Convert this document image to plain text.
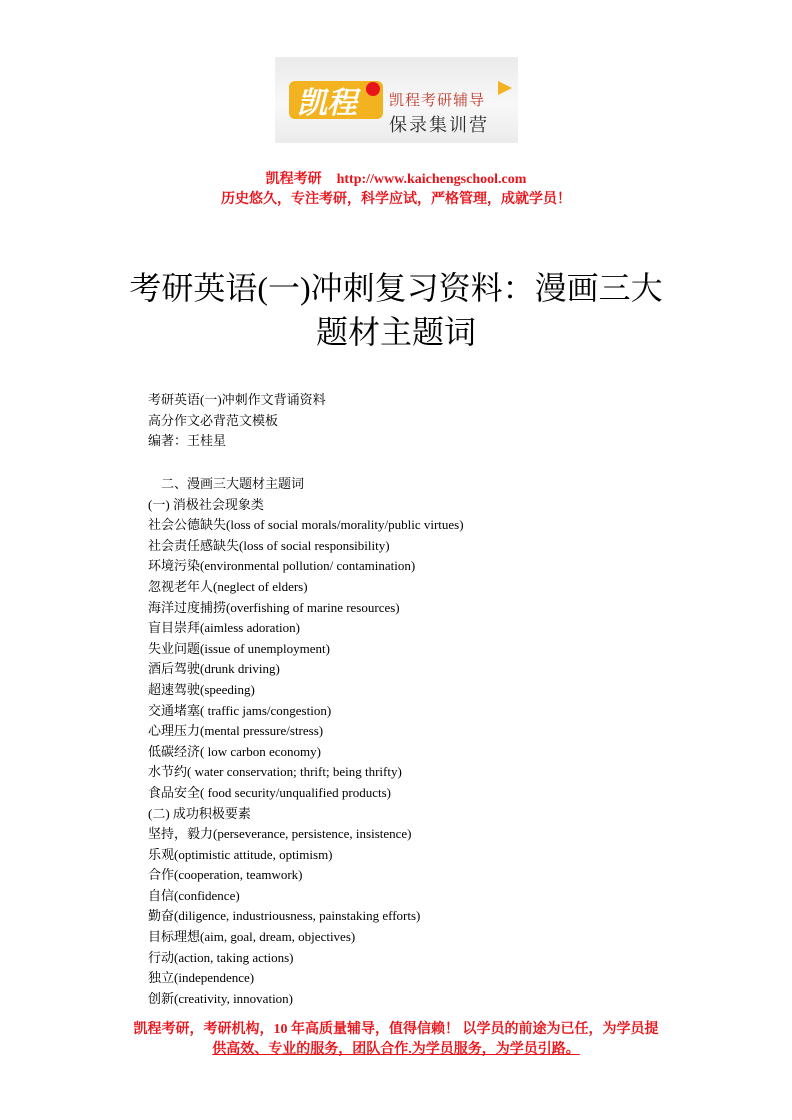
凯程 凯程考研辅导
保录集训营
凯程考研 http://www.kaichengschool.com
历史悠久，专注考研，科学应试，严格管理，成就学员！
考研英语(一)冲刺复习资料：漫画三大
题材主题词
考研英语(一)冲刺作文背诵资料
高分作文必背范文模板
编著：王桂星
二、漫画三大题材主题词
(一) 消极社会现象类
社会公德缺失(loss of social morals/morality/public virtues)
社会责任感缺失(loss of social responsibility)
环境污染(environmental pollution/ contamination)
忽视老年人(neglect of elders)
海洋过度捕捞(overfishing of marine resources)
盲目崇拜(aimless adoration)
失业问题(issue of unemployment)
酒后驾驶(drunk driving)
超速驾驶(speeding)
交通堵塞( traffic jams/congestion)
心理压力(mental pressure/stress)
低碳经济( low carbon economy)
水节约( water conservation; thrift; being thrifty)
食品安全( food security/unqualified products)
(二) 成功积极要素
坚持，毅力(perseverance, persistence, insistence)
乐观(optimistic attitude, optimism)
合作(cooperation, teamwork)
自信(confidence)
勤奋(diligence, industriousness, painstaking efforts)
目标理想(aim, goal, dream, objectives)
行动(action, taking actions)
独立(independence)
创新(creativity, innovation)
凯程考研，考研机构，10 年高质量辅导，值得信赖！ 以学员的前途为已任，为学员提
供高效、专业的服务，团队合作.为学员服务，为学员引路。
